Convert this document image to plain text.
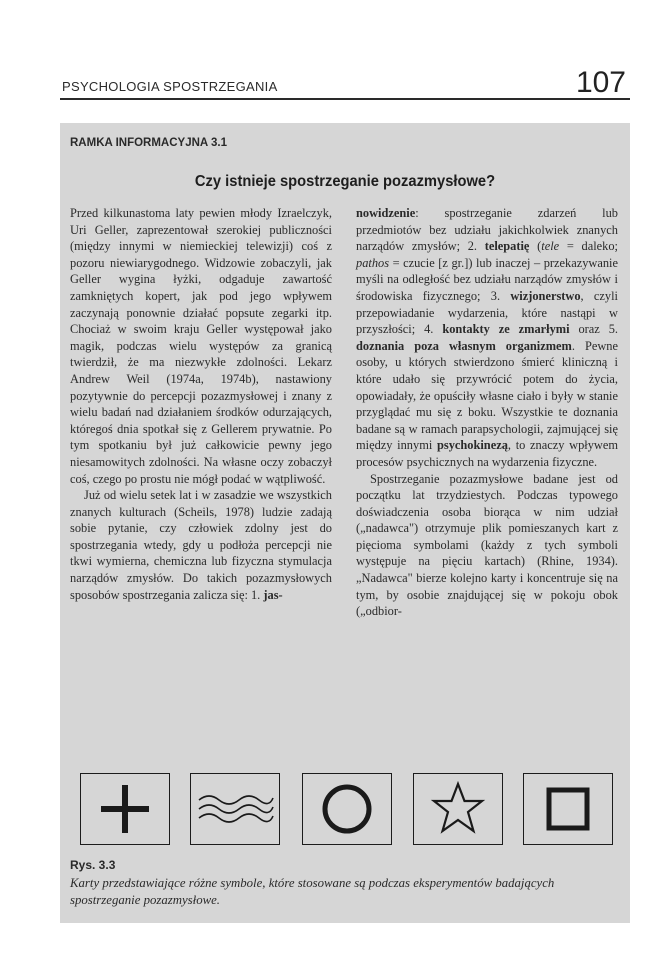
PSYCHOLOGIA SPOSTRZEGANIA	107
RAMKA INFORMACYJNA 3.1
Czy istnieje spostrzeganie pozazmysłowe?

Przed kilkunastoma laty pewien młody Izraelczyk, Uri Geller, zaprezentował szerokiej publiczności (między innymi w niemieckiej telewizji) coś z pozoru niewiarygodnego. Widzowie zobaczyli, jak Geller wygina łyżki, odgaduje zawartość zamkniętych kopert, jak pod jego wpływem zaczynają ponownie działać popsute zegarki itp. Chociaż w swoim kraju Geller występował jako magik, podczas wielu występów za granicą twierdził, że ma niezwykłe zdolności. Lekarz Andrew Weil (1974a, 1974b), nastawiony pozytywnie do percepcji pozazmysłowej i znany z wielu badań nad działaniem środków odurzających, któregoś dnia spotkał się z Gellerem prywatnie. Po tym spotkaniu był już całkowicie pewny jego niesamowitych zdolności. Na własne oczy zobaczył coś, czego po prostu nie mógł podać w wątpliwość.

Już od wielu setek lat i w zasadzie we wszystkich znanych kulturach (Scheils, 1978) ludzie zadają sobie pytanie, czy człowiek zdolny jest do spostrzegania wtedy, gdy u podłoża percepcji nie tkwi wymierna, chemiczna lub fizyczna stymulacja narządów zmysłów. Do takich pozazmysłowych sposobów spostrzegania zalicza się: 1. jas-

nowidzenie: spostrzeganie zdarzeń lub przedmiotów bez udziału jakichkolwiek znanych narządów zmysłów; 2. telepatię (tele = daleko; pathos = czucie [z gr.]) lub inaczej – przekazywanie myśli na odległość bez udziału narządów zmysłów i środowiska fizycznego; 3. wizjonerstwo, czyli przepowiadanie wydarzenia, które nastąpi w przyszłości; 4. kontakty ze zmarłymi oraz 5. doznania poza własnym organizmem. Pewne osoby, u których stwierdzono śmierć kliniczną i które udało się przywrócić potem do życia, opowiadały, że opuściły własne ciało i były w stanie przyglądać mu się z boku. Wszystkie te doznania badane są w ramach parapsychologii, zajmującej się między innymi psychokinezą, to znaczy wpływem procesów psychicznych na wydarzenia fizyczne.

Spostrzeganie pozazmysłowe badane jest od początku lat trzydziestych. Podczas typowego doświadczenia osoba biorąca w nim udział („nadawca") otrzymuje plik pomieszanych kart z pięcioma symbolami (każdy z tych symboli występuje na pięciu kartach) (Rhine, 1934). „Nadawca" bierze kolejno karty i koncentruje się na tym, by osobie znajdującej się w pokoju obok („odbior-

Rys. 3.3
Karty przedstawiające różne symbole, które stosowane są podczas eksperymentów badających spostrzeganie pozazmysłowe.
